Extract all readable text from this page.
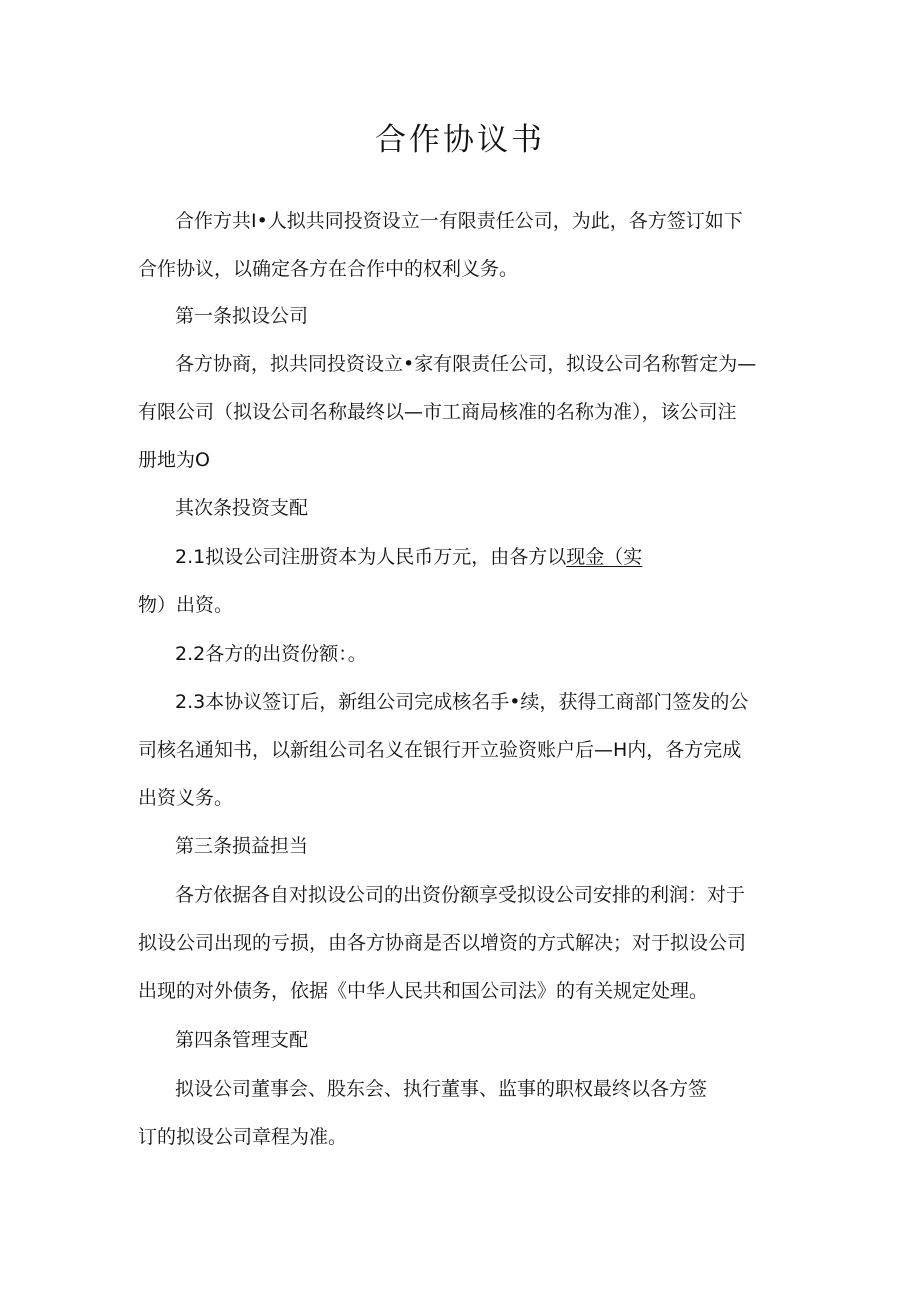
合作协议书
合作方共I•人拟共同投资设立一有限责任公司，为此，各方签订如下
合作协议，以确定各方在合作中的权利义务。
第一条拟设公司
各方协商，拟共同投资设立•家有限责任公司，拟设公司名称暂定为—
有限公司（拟设公司名称最终以—市工商局核准的名称为准），该公司注
册地为O
其次条投资支配
2.1拟设公司注册资本为人民币万元，由各方以现金（实
物）出资。
2.2各方的出资份额：。
2.3本协议签订后，新组公司完成核名手•续，获得工商部门签发的公
司核名通知书，以新组公司名义在银行开立验资账户后—H内，各方完成
出资义务。
第三条损益担当
各方依据各自对拟设公司的出资份额享受拟设公司安排的利润：对于
拟设公司出现的亏损，由各方协商是否以增资的方式解决；对于拟设公司
出现的对外债务，依据《中华人民共和国公司法》的有关规定处理。
第四条管理支配
拟设公司董事会、股东会、执行董事、监事的职权最终以各方签
订的拟设公司章程为准。
